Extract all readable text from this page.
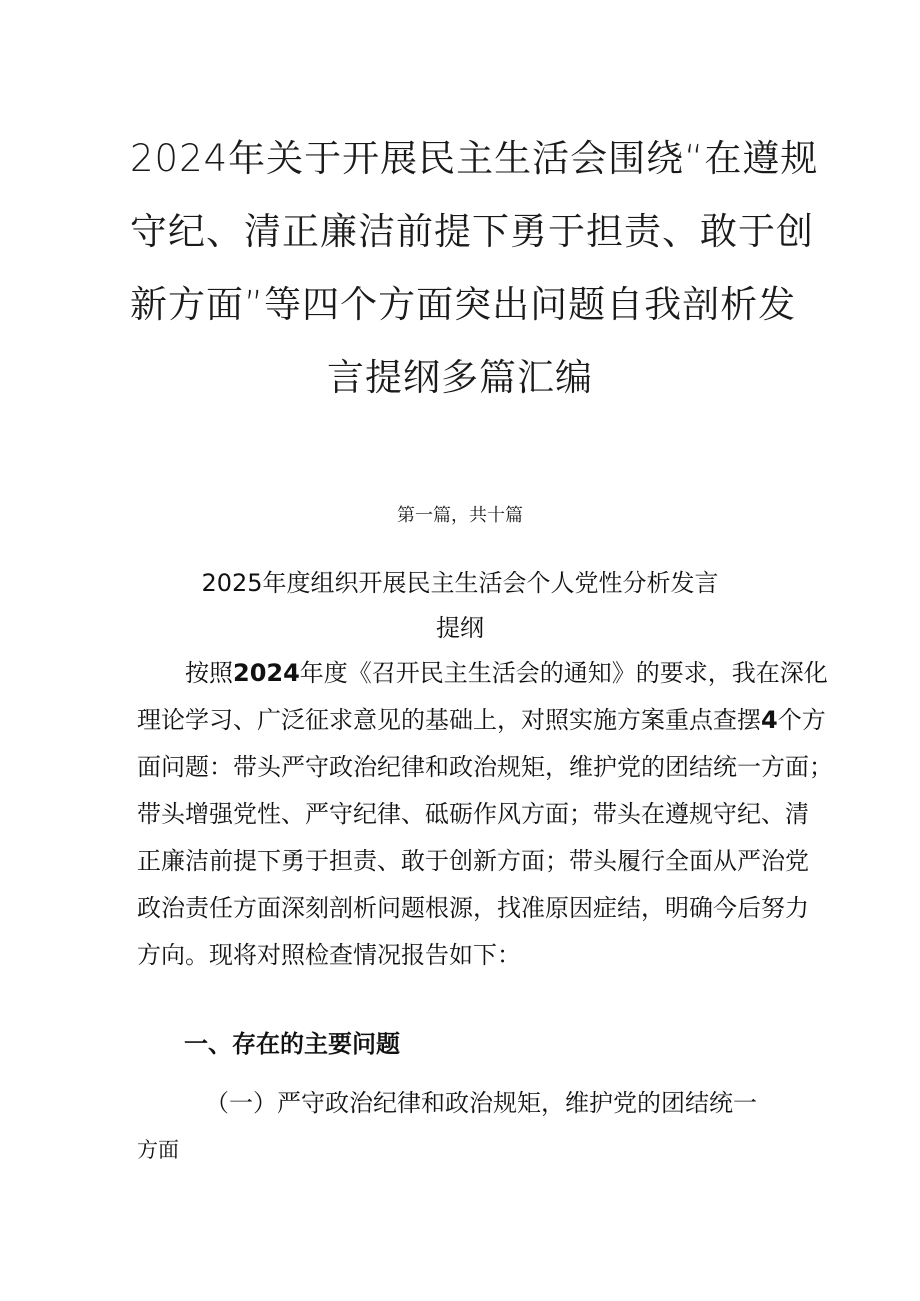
2024年关于开展民主生活会围绕“在遵规
守纪、清正廉洁前提下勇于担责、敢于创
新方面”等四个方面突出问题自我剖析发
言提纲多篇汇编
第一篇，共十篇
2025年度组织开展民主生活会个人党性分析发言
提纲
按照2024年度《召开民主生活会的通知》的要求，我在深化
理论学习、广泛征求意见的基础上，对照实施方案重点查摆4个方
面问题：带头严守政治纪律和政治规矩，维护党的团结统一方面；
带头增强党性、严守纪律、砥砺作风方面；带头在遵规守纪、清
正廉洁前提下勇于担责、敢于创新方面；带头履行全面从严治党
政治责任方面深刻剖析问题根源，找准原因症结，明确今后努力
方向。现将对照检查情况报告如下：
一、存在的主要问题
（一）严守政治纪律和政治规矩，维护党的团结统一
方面
